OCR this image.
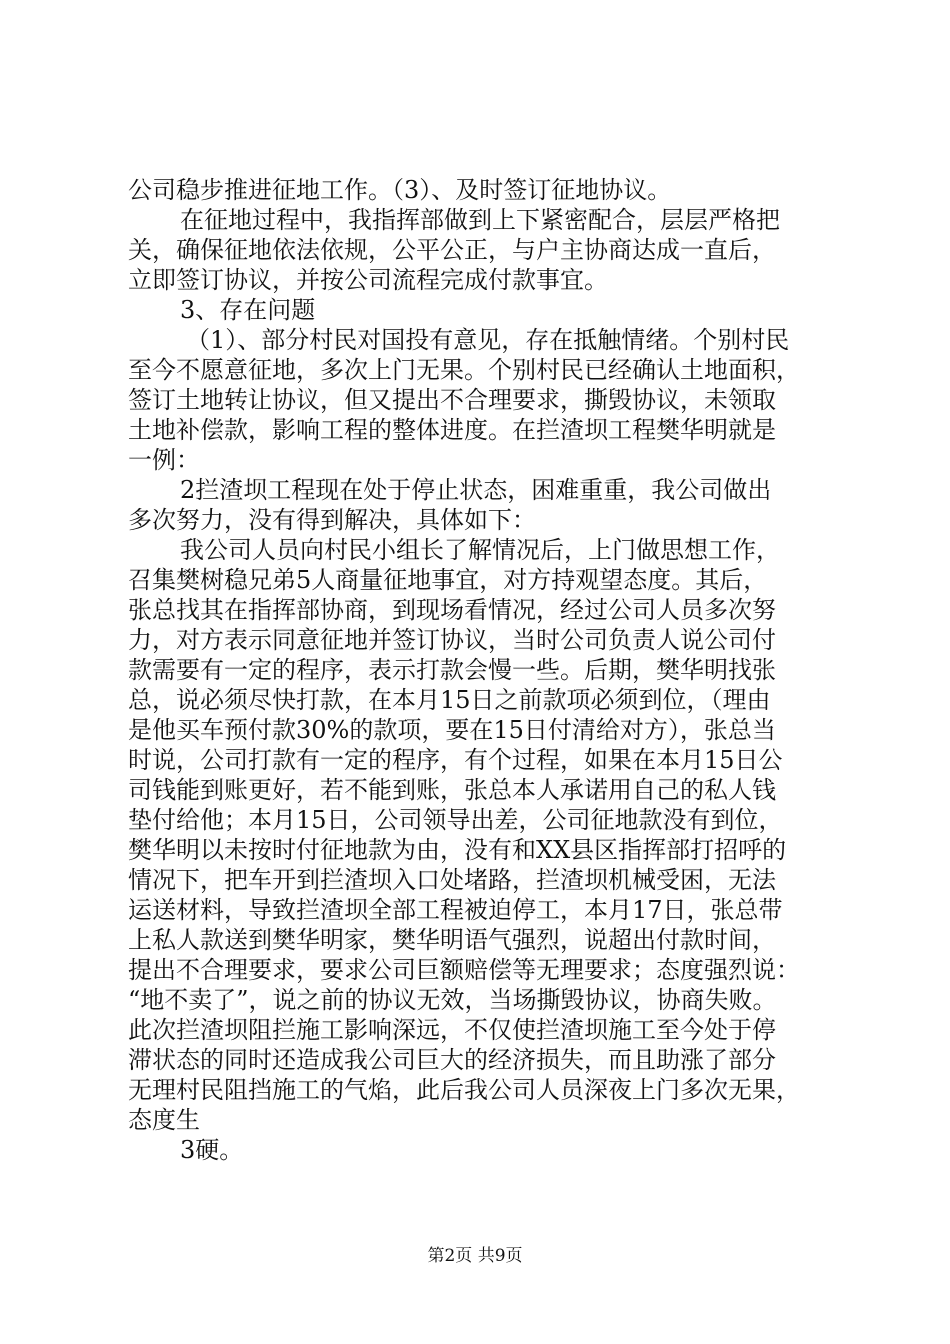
公司稳步推进征地工作。（3）、及时签订征地协议。
在征地过程中，我指挥部做到上下紧密配合，层层严格把
关，确保征地依法依规，公平公正，与户主协商达成一直后，
立即签订协议，并按公司流程完成付款事宜。
3、存在问题
（1）、部分村民对国投有意见，存在抵触情绪。个别村民
至今不愿意征地，多次上门无果。个别村民已经确认土地面积，
签订土地转让协议，但又提出不合理要求，撕毁协议，未领取
土地补偿款，影响工程的整体进度。在拦渣坝工程樊华明就是
一例：
2拦渣坝工程现在处于停止状态，困难重重，我公司做出
多次努力，没有得到解决，具体如下：
我公司人员向村民小组长了解情况后，上门做思想工作，
召集樊树稳兄弟5人商量征地事宜，对方持观望态度。其后，
张总找其在指挥部协商，到现场看情况，经过公司人员多次努
力，对方表示同意征地并签订协议，当时公司负责人说公司付
款需要有一定的程序，表示打款会慢一些。后期，樊华明找张
总，说必须尽快打款，在本月15日之前款项必须到位，（理由
是他买车预付款30%的款项，要在15日付清给对方），张总当
时说，公司打款有一定的程序，有个过程，如果在本月15日公
司钱能到账更好，若不能到账，张总本人承诺用自己的私人钱
垫付给他；本月15日，公司领导出差，公司征地款没有到位，
樊华明以未按时付征地款为由，没有和XX县区指挥部打招呼的
情况下，把车开到拦渣坝入口处堵路，拦渣坝机械受困，无法
运送材料，导致拦渣坝全部工程被迫停工，本月17日，张总带
上私人款送到樊华明家，樊华明语气强烈，说超出付款时间，
提出不合理要求，要求公司巨额赔偿等无理要求；态度强烈说：
“地不卖了”，说之前的协议无效，当场撕毁协议，协商失败。
此次拦渣坝阻拦施工影响深远，不仅使拦渣坝施工至今处于停
滞状态的同时还造成我公司巨大的经济损失，而且助涨了部分
无理村民阻挡施工的气焰，此后我公司人员深夜上门多次无果，
态度生
3硬。
第2页 共9页
